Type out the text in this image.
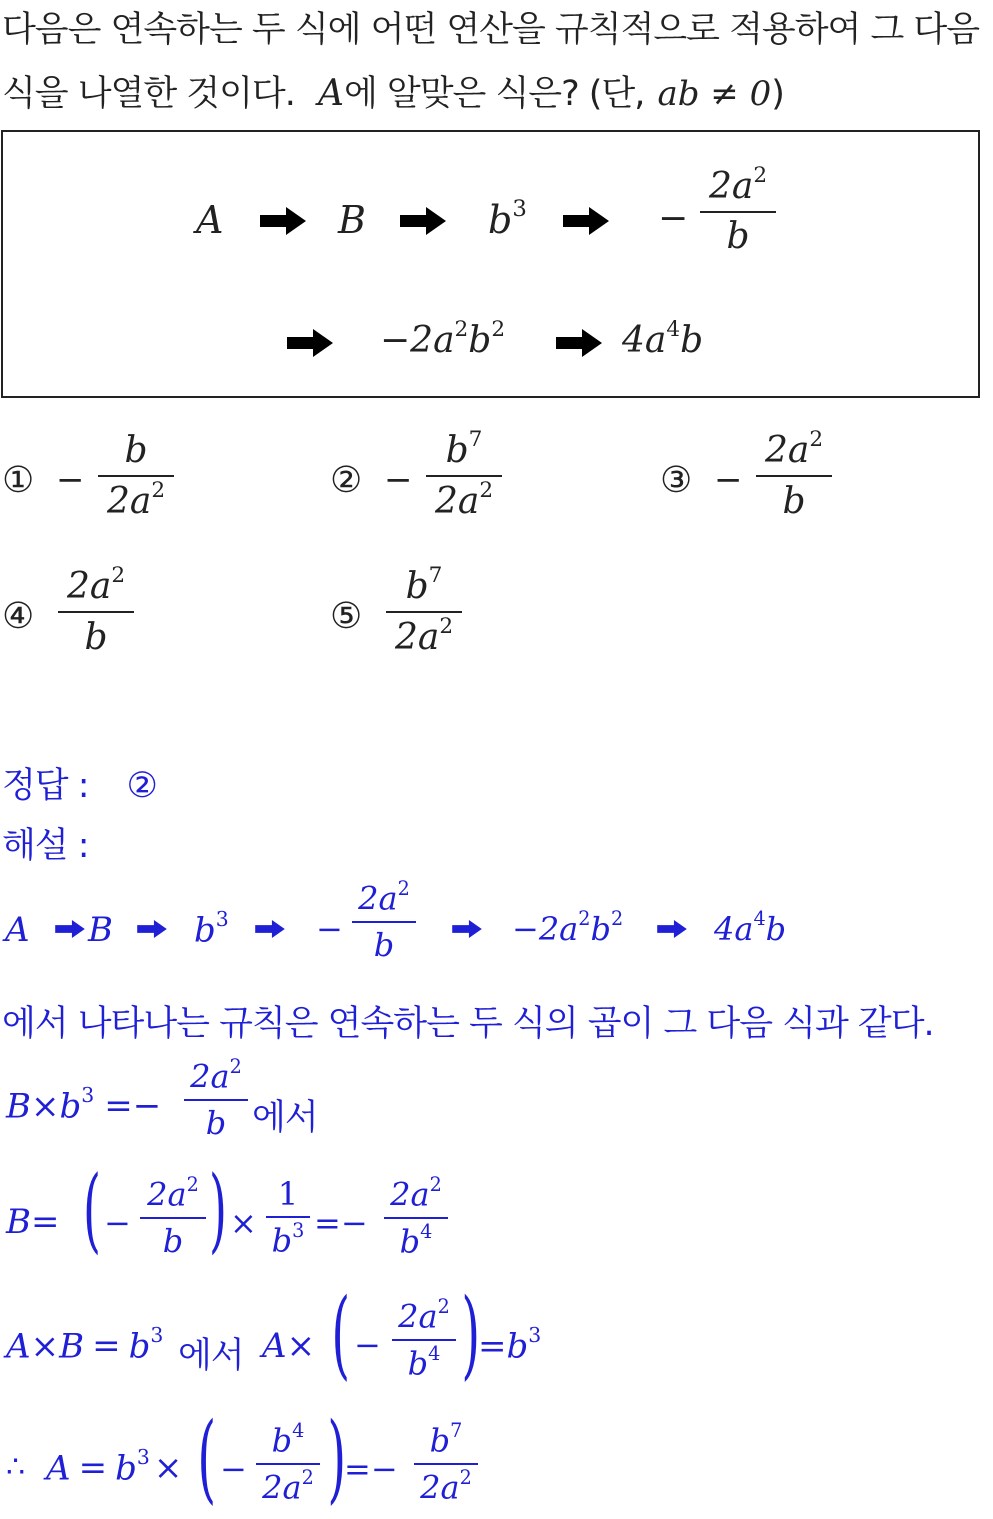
다음은 연속하는 두 식에 어떤 연산을 규칙적으로 적용하여 그 다음
식을 나열한 것이다. A에 알맞은 식은? (단, ab ≠ 0)
A	B	$b^3$	−
$2a^2$
b
$-2a^2b^2$	$4a^4b$
① −
b
$2a^2$	② −
$b^7$
$2a^2$	③ −
$2a^2$
b
④
$2a^2$
b
⑤
$b^7$
$2a^2$
정답 : ②
해설 :
A B $b^3$	−
$2a^2$
b	$-2a^2b^2$	$4a^4b$
에서 나타나는 규칙은 연속하는 두 식의 곱이 그 다음 식과 같다.
$B\times b^3$ =−
$2a^2$
b 에서
B= ( −
$2a^2$
b ) ×
1
$b^3$ =−
$2a^2$
$b^4$
$A\times B = b^3$
에서 A× ( −
$2a^2$
$b^4$ )
$=b^3$
∴ $A = b^3$ × ( −
$b^4$
$2a^2$ )
=−
$b^7$
$2a^2$
